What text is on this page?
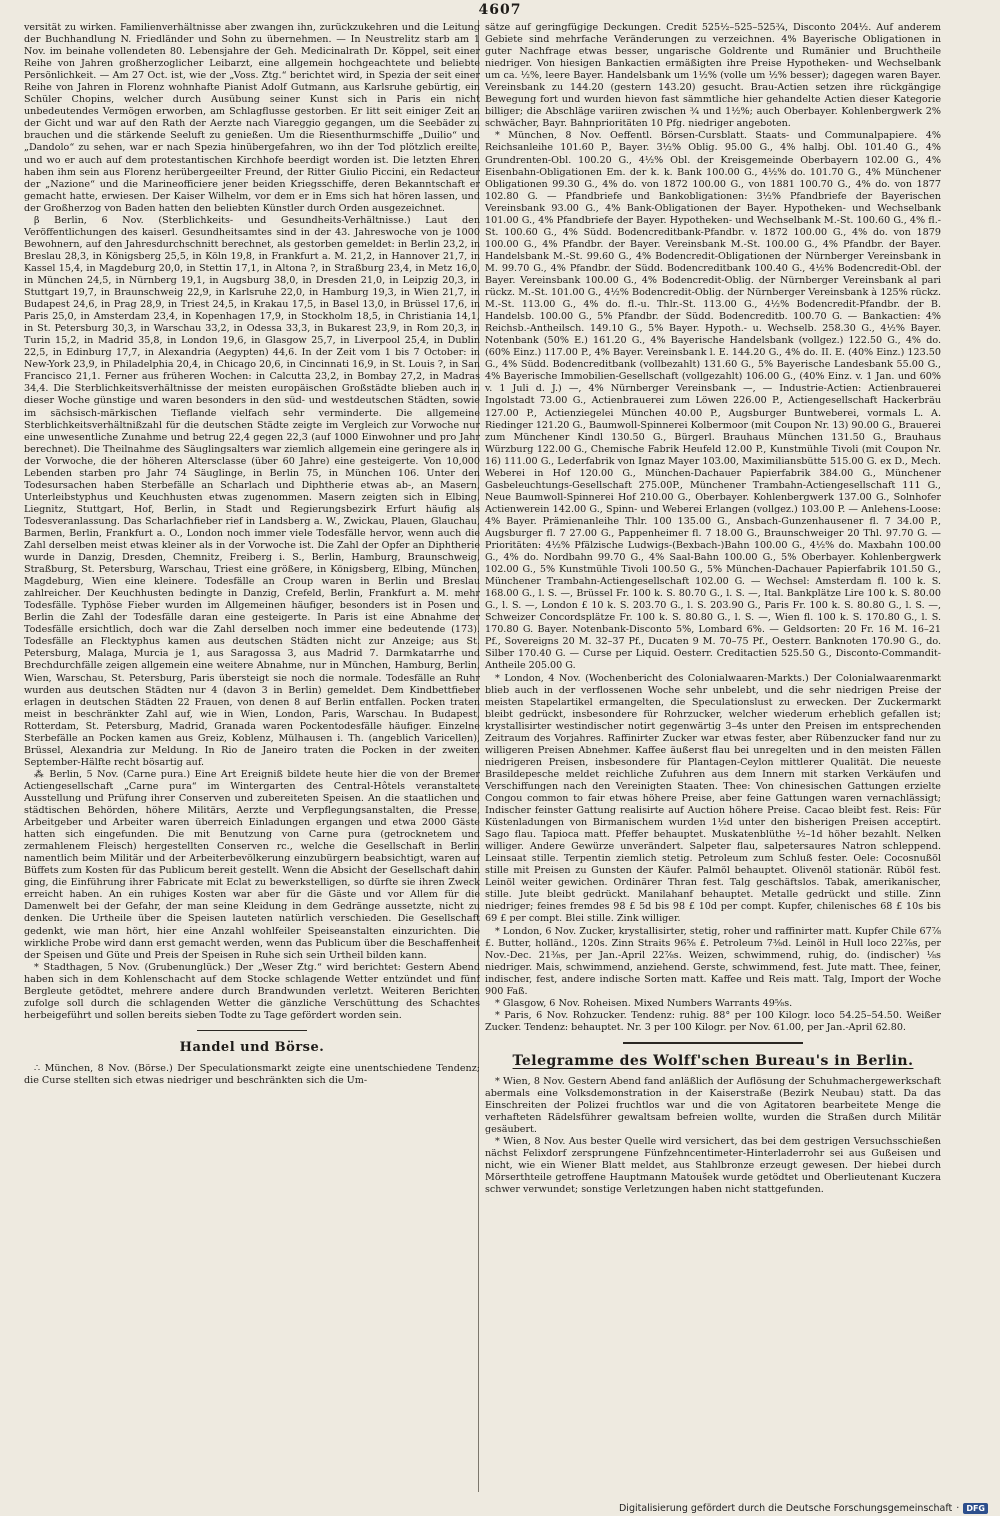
4607

versität zu wirken. Familienverhältnisse aber zwangen ihn, zurückzukehren und die Leitung der Buchhandlung N. Friedländer und Sohn zu übernehmen. — In Neustrelitz starb am 1 Nov. im beinahe vollendeten 80. Lebensjahre der Geh. Medicinalrath Dr. Köppel, seit einer Reihe von Jahren großherzoglicher Leibarzt, eine allgemein hochgeachtete und beliebte Persönlichkeit. — Am 27 Oct. ist, wie der „Voss. Ztg.“ berichtet wird, in Spezia der seit einer Reihe von Jahren in Florenz wohnhafte Pianist Adolf Gutmann, aus Karlsruhe gebürtig, ein Schüler Chopins, welcher durch Ausübung seiner Kunst sich in Paris ein nicht unbedeutendes Vermögen erworben, am Schlagflusse gestorben. Er litt seit einiger Zeit an der Gicht und war auf den Rath der Aerzte nach Viareggio gegangen, um die Seebäder zu brauchen und die stärkende Seeluft zu genießen. Um die Riesenthurmschiffe „Duilio“ und „Dandolo“ zu sehen, war er nach Spezia hinübergefahren, wo ihn der Tod plötzlich ereilte, und wo er auch auf dem protestantischen Kirchhofe beerdigt worden ist. Die letzten Ehren haben ihm sein aus Florenz herübergeeilter Freund, der Ritter Giulio Piccini, ein Redacteur der „Nazione“ und die Marineofficiere jener beiden Kriegsschiffe, deren Bekanntschaft er gemacht hatte, erwiesen. Der Kaiser Wilhelm, vor dem er in Ems sich hat hören lassen, und der Großherzog von Baden hatten den beliebten Künstler durch Orden ausgezeichnet.

β Berlin, 6 Nov. (Sterblichkeits- und Gesundheits-Verhältnisse.) Laut den Veröffentlichungen des kaiserl. Gesundheitsamtes sind in der 43. Jahreswoche von je 1000 Bewohnern, auf den Jahresdurchschnitt berechnet, als gestorben gemeldet: in Berlin 23,2, in Breslau 28,3, in Königsberg 25,5, in Köln 19,8, in Frankfurt a. M. 21,2, in Hannover 21,7, in Kassel 15,4, in Magdeburg 20,0, in Stettin 17,1, in Altona ?, in Straßburg 23,4, in Metz 16,0, in München 24,5, in Nürnberg 19,1, in Augsburg 38,0, in Dresden 21,0, in Leipzig 20,3, in Stuttgart 19,7, in Braunschweig 22,9, in Karlsruhe 22,0, in Hamburg 19,3, in Wien 21,7, in Budapest 24,6, in Prag 28,9, in Triest 24,5, in Krakau 17,5, in Basel 13,0, in Brüssel 17,6, in Paris 25,0, in Amsterdam 23,4, in Kopenhagen 17,9, in Stockholm 18,5, in Christiania 14,1, in St. Petersburg 30,3, in Warschau 33,2, in Odessa 33,3, in Bukarest 23,9, in Rom 20,3, in Turin 15,2, in Madrid 35,8, in London 19,6, in Glasgow 25,7, in Liverpool 25,4, in Dublin 22,5, in Edinburg 17,7, in Alexandria (Aegypten) 44,6. In der Zeit vom 1 bis 7 October: in New-York 23,9, in Philadelphia 20,4, in Chicago 20,6, in Cincinnati 16,9, in St. Louis ?, in San Francisco 21,1. Ferner aus früheren Wochen: in Calcutta 23,2, in Bombay 27,2, in Madras 34,4. Die Sterblichkeitsverhältnisse der meisten europäischen Großstädte blieben auch in dieser Woche günstige und waren besonders in den süd- und westdeutschen Städten, sowie im sächsisch-märkischen Tieflande vielfach sehr verminderte. Die allgemeine Sterblichkeitsverhältnißzahl für die deutschen Städte zeigte im Vergleich zur Vorwoche nur eine unwesentliche Zunahme und betrug 22,4 gegen 22,3 (auf 1000 Einwohner und pro Jahr berechnet). Die Theilnahme des Säuglingsalters war ziemlich allgemein eine geringere als in der Vorwoche, die der höheren Altersclasse (über 60 Jahre) eine gesteigerte. Von 10,000 Lebenden starben pro Jahr 74 Säuglinge, in Berlin 75, in München 106. Unter den Todesursachen haben Sterbefälle an Scharlach und Diphtherie etwas ab-, an Masern, Unterleibstyphus und Keuchhusten etwas zugenommen. Masern zeigten sich in Elbing, Liegnitz, Stuttgart, Hof, Berlin, in Stadt und Regierungsbezirk Erfurt häufig als Todesveranlassung. Das Scharlachfieber rief in Landsberg a. W., Zwickau, Plauen, Glauchau, Barmen, Berlin, Frankfurt a. O., London noch immer viele Todesfälle hervor, wenn auch die Zahl derselben meist etwas kleiner als in der Vorwoche ist. Die Zahl der Opfer an Diphtherie wurde in Danzig, Dresden, Chemnitz, Freiberg i. S., Berlin, Hamburg, Braunschweig, Straßburg, St. Petersburg, Warschau, Triest eine größere, in Königsberg, Elbing, München, Magdeburg, Wien eine kleinere. Todesfälle an Croup waren in Berlin und Breslau zahlreicher. Der Keuchhusten bedingte in Danzig, Crefeld, Berlin, Frankfurt a. M. mehr Todesfälle. Typhöse Fieber wurden im Allgemeinen häufiger, besonders ist in Posen und Berlin die Zahl der Todesfälle daran eine gesteigerte. In Paris ist eine Abnahme der Todesfälle ersichtlich, doch war die Zahl derselben noch immer eine bedeutende (173). Todesfälle an Flecktyphus kamen aus deutschen Städten nicht zur Anzeige; aus St. Petersburg, Malaga, Murcia je 1, aus Saragossa 3, aus Madrid 7. Darmkatarrhe und Brechdurchfälle zeigen allgemein eine weitere Abnahme, nur in München, Hamburg, Berlin, Wien, Warschau, St. Petersburg, Paris übersteigt sie noch die normale. Todesfälle an Ruhr wurden aus deutschen Städten nur 4 (davon 3 in Berlin) gemeldet. Dem Kindbettfieber erlagen in deutschen Städten 22 Frauen, von denen 8 auf Berlin entfallen. Pocken traten meist in beschränkter Zahl auf, wie in Wien, London, Paris, Warschau. In Budapest, Rotterdam, St. Petersburg, Madrid, Granada waren Pockentodesfälle häufiger. Einzelne Sterbefälle an Pocken kamen aus Greiz, Koblenz, Mülhausen i. Th. (angeblich Varicellen), Brüssel, Alexandria zur Meldung. In Rio de Janeiro traten die Pocken in der zweiten September-Hälfte recht bösartig auf.

⁂ Berlin, 5 Nov. (Carne pura.) Eine Art Ereigniß bildete heute hier die von der Bremer Actiengesellschaft „Carne pura“ im Wintergarten des Central-Hôtels veranstaltete Ausstellung und Prüfung ihrer Conserven und zubereiteten Speisen. An die staatlichen und städtischen Behörden, höhere Militärs, Aerzte und Verpflegungsanstalten, die Presse, Arbeitgeber und Arbeiter waren überreich Einladungen ergangen und etwa 2000 Gäste hatten sich eingefunden. Die mit Benutzung von Carne pura (getrocknetem und zermahlenem Fleisch) hergestellten Conserven rc., welche die Gesellschaft in Berlin namentlich beim Militär und der Arbeiterbevölkerung einzubürgern beabsichtigt, waren auf Büffets zum Kosten für das Publicum bereit gestellt. Wenn die Absicht der Gesellschaft dahin ging, die Einführung ihrer Fabricate mit Eclat zu bewerkstelligen, so dürfte sie ihren Zweck erreicht haben. An ein ruhiges Kosten war aber für die Gäste und vor Allem für die Damenwelt bei der Gefahr, der man seine Kleidung in dem Gedränge aussetzte, nicht zu denken. Die Urtheile über die Speisen lauteten natürlich verschieden. Die Gesellschaft gedenkt, wie man hört, hier eine Anzahl wohlfeiler Speiseanstalten einzurichten. Die wirkliche Probe wird dann erst gemacht werden, wenn das Publicum über die Beschaffenheit der Speisen und Güte und Preis der Speisen in Ruhe sich sein Urtheil bilden kann.

* Stadthagen, 5 Nov. (Grubenunglück.) Der „Weser Ztg.“ wird berichtet: Gestern Abend haben sich in dem Kohlenschacht auf dem Stocke schlagende Wetter entzündet und fünf Bergleute getödtet, mehrere andere durch Brandwunden verletzt. Weiteren Berichten zufolge soll durch die schlagenden Wetter die gänzliche Verschüttung des Schachtes herbeigeführt und sollen bereits sieben Todte zu Tage gefördert worden sein.

Handel und Börse.

∴ München, 8 Nov. (Börse.) Der Speculationsmarkt zeigte eine unentschiedene Tendenz; die Curse stellten sich etwas niedriger und beschränkten sich die Um-

sätze auf geringfügige Deckungen. Credit 525½–525–525¾, Disconto 204½. Auf anderem Gebiete sind mehrfache Veränderungen zu verzeichnen. 4% Bayerische Obligationen in guter Nachfrage etwas besser, ungarische Goldrente und Rumänier und Bruchtheile niedriger. Von hiesigen Bankactien ermäßigten ihre Preise Hypotheken- und Wechselbank um ca. ½%, leere Bayer. Handelsbank um 1½% (volle um ½% besser); dagegen waren Bayer. Vereinsbank zu 144.20 (gestern 143.20) gesucht. Brau-Actien setzen ihre rückgängige Bewegung fort und wurden hievon fast sämmtliche hier gehandelte Actien dieser Kategorie billiger; die Abschläge variiren zwischen ¾ und 1½%; auch Oberbayer. Kohlenbergwerk 2% schwächer, Bayr. Bahnprioritäten 10 Pfg. niedriger angeboten.

* München, 8 Nov. Oeffentl. Börsen-Cursblatt. Staats- und Communalpapiere. 4% Reichsanleihe 101.60 P., Bayer. 3½% Oblig. 95.00 G., 4% halbj. Obl. 101.40 G., 4% Grundrenten-Obl. 100.20 G., 4½% Obl. der Kreisgemeinde Oberbayern 102.00 G., 4% Eisenbahn-Obligationen Em. der k. k. Bank 100.00 G., 4½% do. 101.70 G., 4% Münchener Obligationen 99.30 G., 4% do. von 1872 100.00 G., von 1881 100.70 G., 4% do. von 1877 102.80 G. — Pfandbriefe und Bankobligationen: 3½% Pfandbriefe der Bayerischen Vereinsbank 93.00 G., 4% Bank-Obligationen der Bayer. Hypotheken- und Wechselbank 101.00 G., 4% Pfandbriefe der Bayer. Hypotheken- und Wechselbank M.-St. 100.60 G., 4% fl.-St. 100.60 G., 4% Südd. Bodencreditbank-Pfandbr. v. 1872 100.00 G., 4% do. von 1879 100.00 G., 4% Pfandbr. der Bayer. Vereinsbank M.-St. 100.00 G., 4% Pfandbr. der Bayer. Handelsbank M.-St. 99.60 G., 4% Bodencredit-Obligationen der Nürnberger Vereinsbank in M. 99.70 G., 4% Pfandbr. der Südd. Bodencreditbank 100.40 G., 4½% Bodencredit-Obl. der Bayer. Vereinsbank 100.00 G., 4% Bodencredit-Oblig. der Nürnberger Vereinsbank al pari rückz. M.-St. 101.00 G., 4½% Bodencredit-Oblig. der Nürnberger Vereinsbank à 125% rückz. M.-St. 113.00 G., 4% do. fl.-u. Thlr.-St. 113.00 G., 4½% Bodencredit-Pfandbr. der B. Handelsb. 100.00 G., 5% Pfandbr. der Südd. Bodencreditb. 100.70 G. — Bankactien: 4% Reichsb.-Antheilsch. 149.10 G., 5% Bayer. Hypoth.- u. Wechselb. 258.30 G., 4½% Bayer. Notenbank (50% E.) 161.20 G., 4% Bayerische Handelsbank (vollgez.) 122.50 G., 4% do. (60% Einz.) 117.00 P., 4% Bayer. Vereinsbank l. E. 144.20 G., 4% do. II. E. (40% Einz.) 123.50 G., 4% Südd. Bodencreditbank (vollbezahlt) 131.60 G., 5% Bayerische Landesbank 55.00 G., 4% Bayerische Immobilien-Gesellschaft (vollgezahlt) 106.00 G., (40% Einz. v. 1 Jan. und 60% v. 1 Juli d. J.) —, 4% Nürnberger Vereinsbank —, — Industrie-Actien: Actienbrauerei Ingolstadt 73.00 G., Actienbrauerei zum Löwen 226.00 P., Actiengesellschaft Hackerbräu 127.00 P., Actienziegelei München 40.00 P., Augsburger Buntweberei, vormals L. A. Riedinger 121.20 G., Baumwoll-Spinnerei Kolbermoor (mit Coupon Nr. 13) 90.00 G., Brauerei zum Münchener Kindl 130.50 G., Bürgerl. Brauhaus München 131.50 G., Brauhaus Würzburg 122.00 G., Chemische Fabrik Heufeld 12.00 P., Kunstmühle Tivoli (mit Coupon Nr. 16) 111.00 G., Lederfabrik von Ignaz Mayer 103.00, Maximiliansbütte 515.00 G. ex D., Mech. Weberei in Hof 120.00 G., München-Dachauer Papierfabrik 384.00 G., Münchener Gasbeleuchtungs-Gesellschaft 275.00P., Münchener Trambahn-Actiengesellschaft 111 G., Neue Baumwoll-Spinnerei Hof 210.00 G., Oberbayer. Kohlenbergwerk 137.00 G., Solnhofer Actienwerein 142.00 G., Spinn- und Weberei Erlangen (vollgez.) 103.00 P. — Anlehens-Loose: 4% Bayer. Prämienanleihe Thlr. 100 135.00 G., Ansbach-Gunzenhausener fl. 7 34.00 P., Augsburger fl. 7 27.00 G., Pappenheimer fl. 7 18.00 G., Braunschweiger 20 Thl. 97.70 G. — Prioritäten: 4½% Pfälzische Ludwigs-(Bexbach-)Bahn 100.00 G., 4½% do. Maxbahn 100.00 G., 4% do. Nordbahn 99.70 G., 4% Saal-Bahn 100.00 G., 5% Oberbayer. Kohlenbergwerk 102.00 G., 5% Kunstmühle Tivoli 100.50 G., 5% München-Dachauer Papierfabrik 101.50 G., Münchener Trambahn-Actiengesellschaft 102.00 G. — Wechsel: Amsterdam fl. 100 k. S. 168.00 G., l. S. —, Brüssel Fr. 100 k. S. 80.70 G., l. S. —, Ital. Bankplätze Lire 100 k. S. 80.00 G., l. S. —, London £ 10 k. S. 203.70 G., l. S. 203.90 G., Paris Fr. 100 k. S. 80.80 G., l. S. —, Schweizer Concordsplätze Fr. 100 k. S. 80.80 G., l. S. —, Wien fl. 100 k. S. 170.80 G., l. S. 170.80 G. Bayer. Notenbank-Disconto 5%, Lombard 6%. — Geldsorten: 20 Fr. 16 M. 16–21 Pf., Sovereigns 20 M. 32–37 Pf., Ducaten 9 M. 70–75 Pf., Oesterr. Banknoten 170.90 G., do. Silber 170.40 G. — Curse per Liquid. Oesterr. Creditactien 525.50 G., Disconto-Commandit-Antheile 205.00 G.

* London, 4 Nov. (Wochenbericht des Colonialwaaren-Markts.) Der Colonialwaarenmarkt blieb auch in der verflossenen Woche sehr unbelebt, und die sehr niedrigen Preise der meisten Stapelartikel ermangelten, die Speculationslust zu erwecken. Der Zuckermarkt bleibt gedrückt, insbesondere für Rohrzucker, welcher wiederum erheblich gefallen ist; krystallisirter westindischer notirt gegenwärtig 3–4s unter den Preisen im entsprechenden Zeitraum des Vorjahres. Raffinirter Zucker war etwas fester, aber Rübenzucker fand nur zu willigeren Preisen Abnehmer. Kaffee äußerst flau bei unregelten und in den meisten Fällen niedrigeren Preisen, insbesondere für Plantagen-Ceylon mittlerer Qualität. Die neueste Brasildepesche meldet reichliche Zufuhren aus dem Innern mit starken Verkäufen und Verschiffungen nach den Vereinigten Staaten. Thee: Von chinesischen Gattungen erzielte Congou common to fair etwas höhere Preise, aber feine Gattungen waren vernachlässigt; Indischer feinster Gattung realisirte auf Auction höhere Preise. Cacao bleibt fest. Reis: Für Küstenladungen von Birmanischem wurden 1½d unter den bisherigen Preisen acceptirt. Sago flau. Tapioca matt. Pfeffer behauptet. Muskatenblüthe ½–1d höher bezahlt. Nelken williger. Andere Gewürze unverändert. Salpeter flau, salpetersaures Natron schleppend. Leinsaat stille. Terpentin ziemlich stetig. Petroleum zum Schluß fester. Oele: Cocosnußöl stille mit Preisen zu Gunsten der Käufer. Palmöl behauptet. Olivenöl stationär. Rüböl fest. Leinöl weiter gewichen. Ordinärer Thran fest. Talg geschäftslos. Tabak, amerikanischer, stille. Jute bleibt gedrückt. Manilahanf behauptet. Metalle gedrückt und stille. Zinn niedriger; feines fremdes 98 £ 5d bis 98 £ 10d per compt. Kupfer, chilenisches 68 £ 10s bis 69 £ per compt. Blei stille. Zink williger.

* London, 6 Nov. Zucker, krystallisirter, stetig, roher und raffinirter matt. Kupfer Chile 67⅞ £. Butter, holländ., 120s. Zinn Straits 96⅝ £. Petroleum 7⅜d. Leinöl in Hull loco 22⅞s, per Nov.-Dec. 21⅜s, per Jan.-April 22⅞s. Weizen, schwimmend, ruhig, do. (indischer) ⅛s niedriger. Mais, schwimmend, anziehend. Gerste, schwimmend, fest. Jute matt. Thee, feiner, indischer, fest, andere indische Sorten matt. Kaffee und Reis matt. Talg, Import der Woche 900 Faß.

* Glasgow, 6 Nov. Roheisen. Mixed Numbers Warrants 49⅝s.

* Paris, 6 Nov. Rohzucker. Tendenz: ruhig. 88° per 100 Kilogr. loco 54.25–54.50. Weißer Zucker. Tendenz: behauptet. Nr. 3 per 100 Kilogr. per Nov. 61.00, per Jan.-April 62.80.

Telegramme des Wolff'schen Bureau's in Berlin.

* Wien, 8 Nov. Gestern Abend fand anläßlich der Auflösung der Schuhmachergewerkschaft abermals eine Volksdemonstration in der Kaiserstraße (Bezirk Neubau) statt. Da das Einschreiten der Polizei fruchtlos war und die von Agitatoren bearbeitete Menge die verhafteten Rädelsführer gewaltsam befreien wollte, wurden die Straßen durch Militär gesäubert.

* Wien, 8 Nov. Aus bester Quelle wird versichert, das bei dem gestrigen Versuchsschießen nächst Felixdorf zersprungene Fünfzehncentimeter-Hinterladerrohr sei aus Gußeisen und nicht, wie ein Wiener Blatt meldet, aus Stahlbronze erzeugt gewesen. Der hiebei durch Mörserthteile getroffene Hauptmann Matoušek wurde getödtet und Oberlieutenant Kuczera schwer verwundet; sonstige Verletzungen haben nicht stattgefunden.

Digitalisierung gefördert durch die Deutsche Forschungsgemeinschaft · DFG
